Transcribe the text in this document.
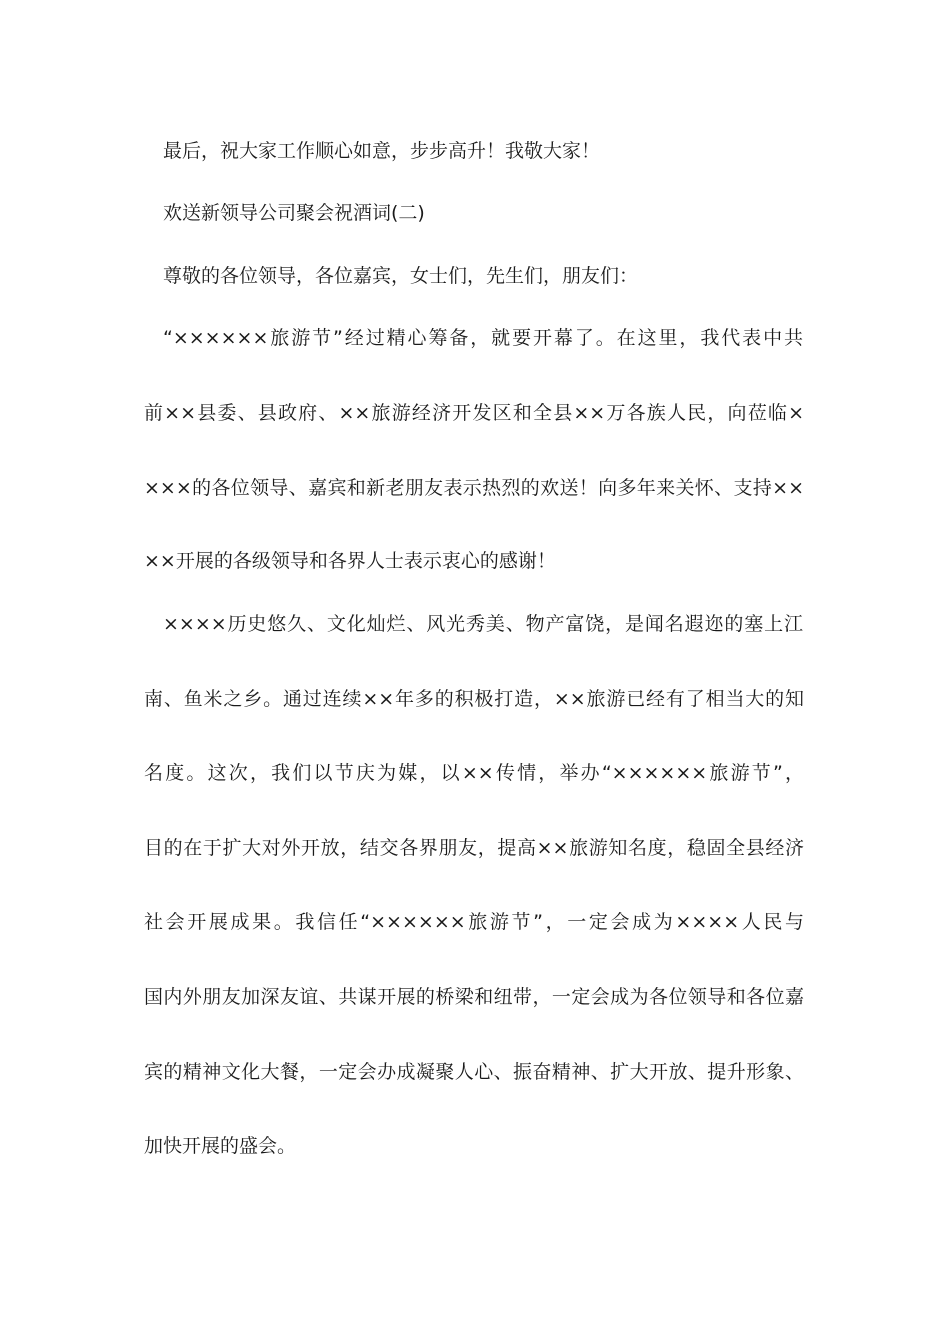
最后，祝大家工作顺心如意，步步高升！我敬大家！
欢送新领导公司聚会祝酒词(二)
尊敬的各位领导，各位嘉宾，女士们，先生们，朋友们：
“××××××旅游节”经过精心筹备，就要开幕了。在这里，我代表中共
前××县委、县政府、××旅游经济开发区和全县××万各族人民，向莅临×
×××的各位领导、嘉宾和新老朋友表示热烈的欢送！向多年来关怀、支持××
××开展的各级领导和各界人士表示衷心的感谢！
××××历史悠久、文化灿烂、风光秀美、物产富饶，是闻名遐迩的塞上江
南、鱼米之乡。通过连续××年多的积极打造，××旅游已经有了相当大的知
名度。这次，我们以节庆为媒，以××传情，举办“××××××旅游节”，
目的在于扩大对外开放，结交各界朋友，提高××旅游知名度，稳固全县经济
社会开展成果。我信任“××××××旅游节”，一定会成为××××人民与
国内外朋友加深友谊、共谋开展的桥梁和纽带，一定会成为各位领导和各位嘉
宾的精神文化大餐，一定会办成凝聚人心、振奋精神、扩大开放、提升形象、
加快开展的盛会。
